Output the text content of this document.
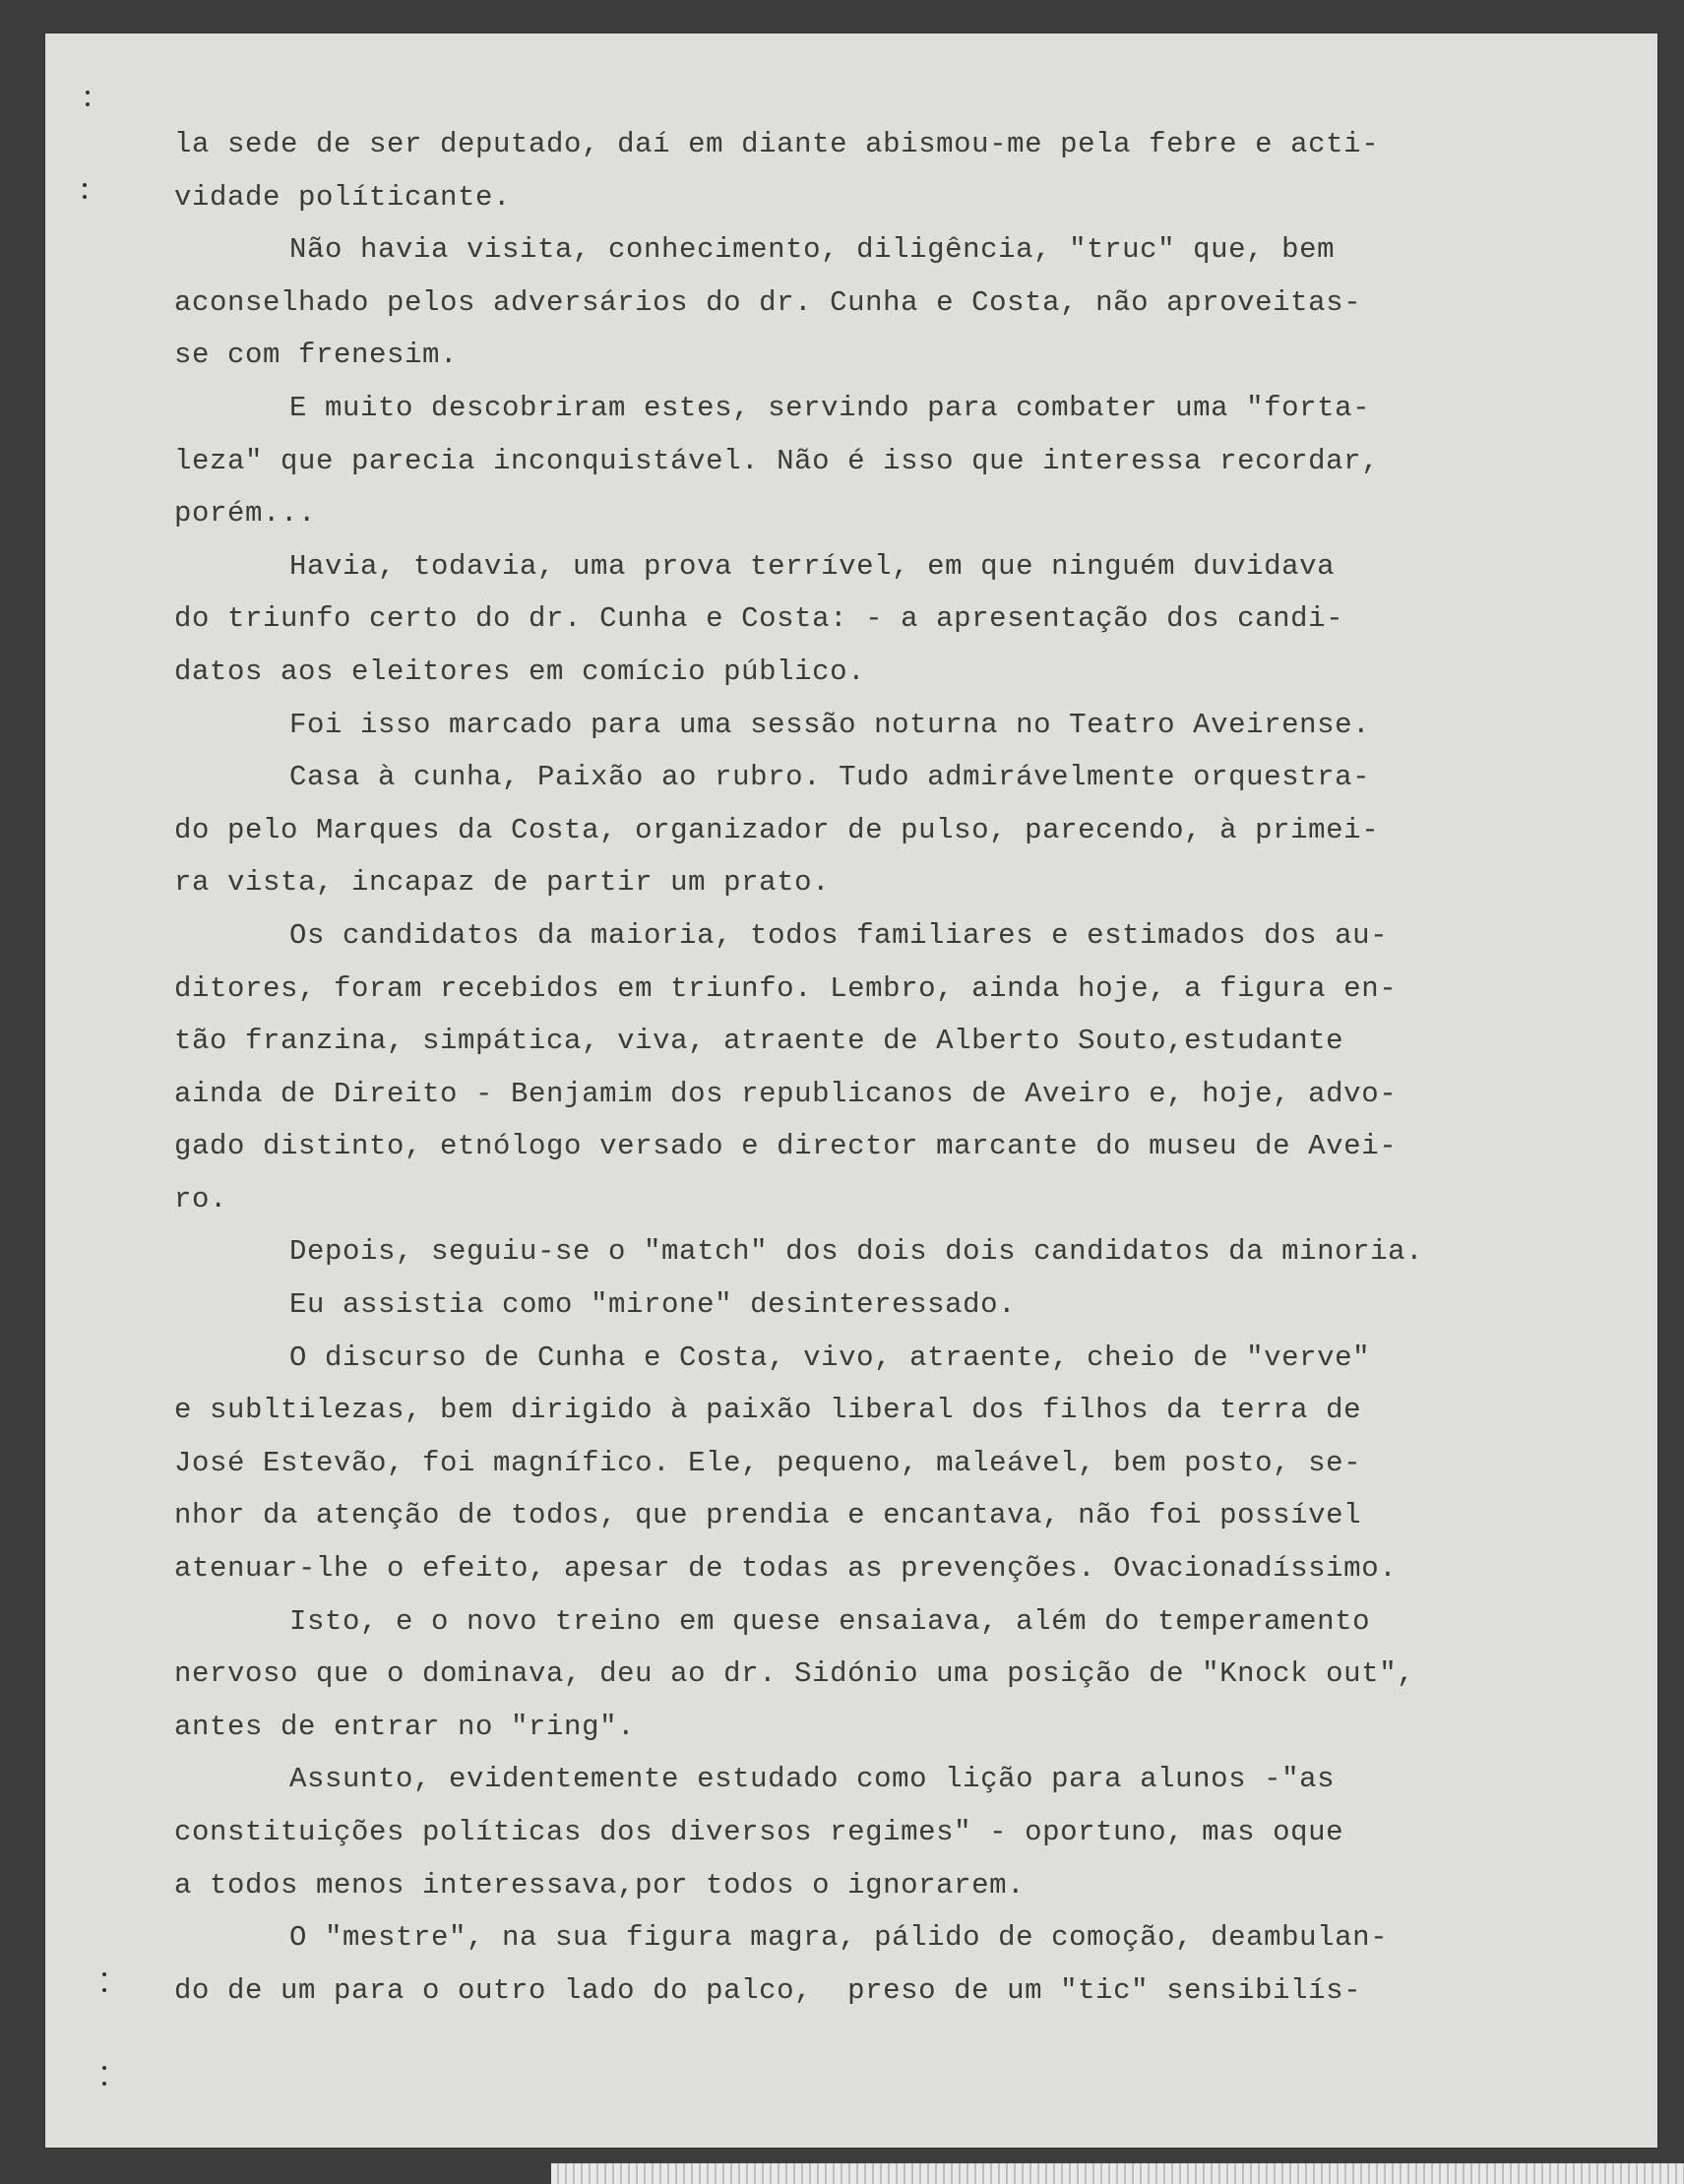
la sede de ser deputado, daí em diante abismou-me pela febre e acti-
vidade políticante.
Não havia visita, conhecimento, diligência, "truc" que, bem
aconselhado pelos adversários do dr. Cunha e Costa, não aproveitas-
se com frenesim.
E muito descobriram estes, servindo para combater uma "forta-
leza" que parecia inconquistável. Não é isso que interessa recordar,
porém...
Havia, todavia, uma prova terrível, em que ninguém duvidava
do triunfo certo do dr. Cunha e Costa: - a apresentação dos candi-
datos aos eleitores em comício público.
Foi isso marcado para uma sessão noturna no Teatro Aveirense.
Casa à cunha, Paixão ao rubro. Tudo admirávelmente orquestra-
do pelo Marques da Costa, organizador de pulso, parecendo, à primei-
ra vista, incapaz de partir um prato.
Os candidatos da maioria, todos familiares e estimados dos au-
ditores, foram recebidos em triunfo. Lembro, ainda hoje, a figura en-
tão franzina, simpática, viva, atraente de Alberto Souto,estudante
ainda de Direito - Benjamim dos republicanos de Aveiro e, hoje, advo-
gado distinto, etnólogo versado e director marcante do museu de Avei-
ro.
Depois, seguiu-se o "match" dos dois dois candidatos da minoria.
Eu assistia como "mirone" desinteressado.
O discurso de Cunha e Costa, vivo, atraente, cheio de "verve"
e subltilezas, bem dirigido à paixão liberal dos filhos da terra de
José Estevão, foi magnífico. Ele, pequeno, maleável, bem posto, se-
nhor da atenção de todos, que prendia e encantava, não foi possível
atenuar-lhe o efeito, apesar de todas as prevenções. Ovacionadíssimo.
Isto, e o novo treino em quese ensaiava, além do temperamento
nervoso que o dominava, deu ao dr. Sidónio uma posição de "Knock out",
antes de entrar no "ring".
Assunto, evidentemente estudado como lição para alunos -"as
constituições políticas dos diversos regimes" - oportuno, mas oque
a todos menos interessava,por todos o ignorarem.
O "mestre", na sua figura magra, pálido de comoção, deambulan-
do de um para o outro lado do palco,  preso de um "tic" sensibilís-
